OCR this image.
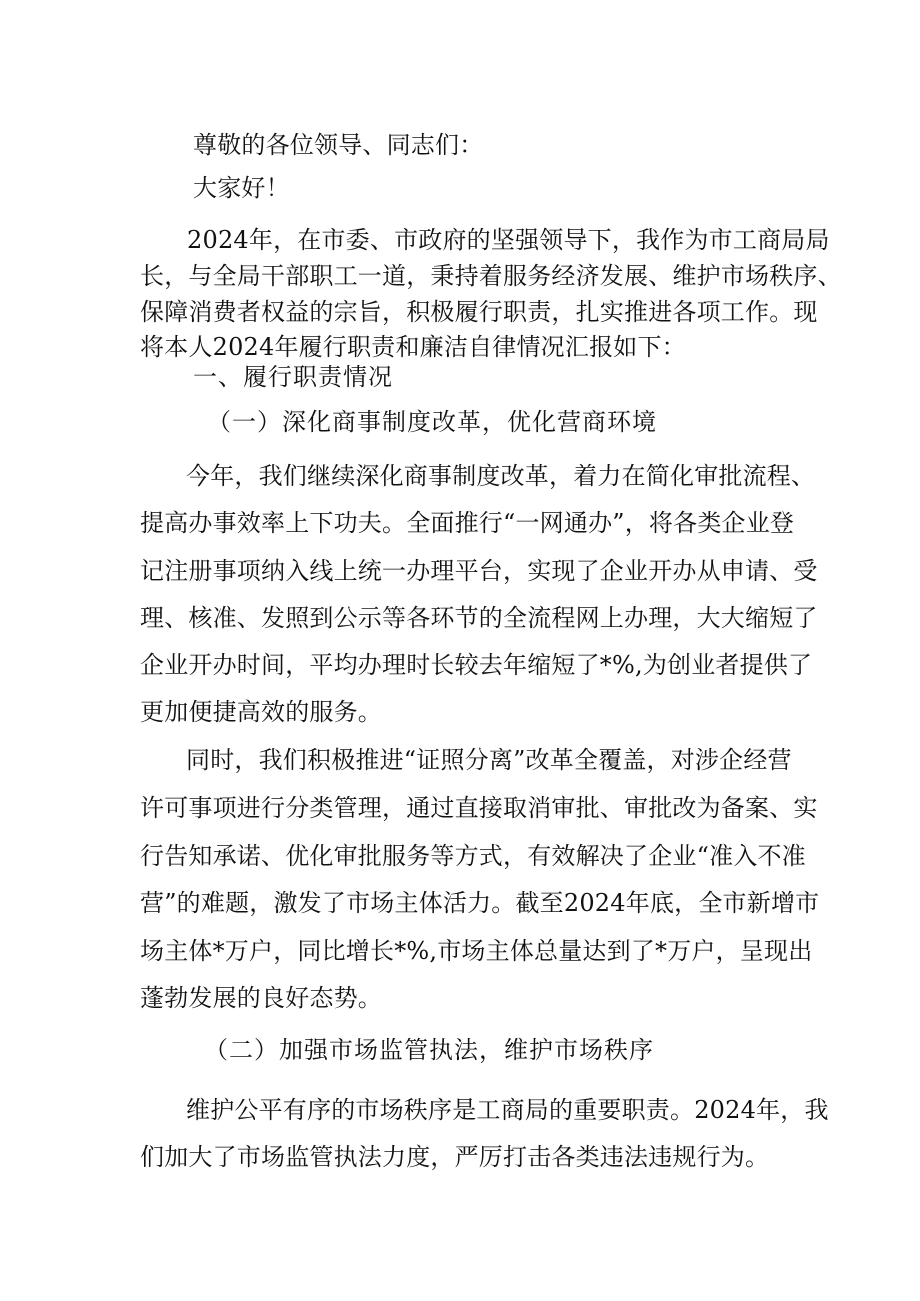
尊敬的各位领导、同志们：
大家好！
2024年，在市委、市政府的坚强领导下，我作为市工商局局
长，与全局干部职工一道，秉持着服务经济发展、维护市场秩序、
保障消费者权益的宗旨，积极履行职责，扎实推进各项工作。现
将本人2024年履行职责和廉洁自律情况汇报如下：
一、履行职责情况
（一）深化商事制度改革，优化营商环境
今年，我们继续深化商事制度改革，着力在简化审批流程、
提高办事效率上下功夫。全面推行“一网通办”，将各类企业登
记注册事项纳入线上统一办理平台，实现了企业开办从申请、受
理、核准、发照到公示等各环节的全流程网上办理，大大缩短了
企业开办时间，平均办理时长较去年缩短了*%,为创业者提供了
更加便捷高效的服务。
同时，我们积极推进“证照分离”改革全覆盖，对涉企经营
许可事项进行分类管理，通过直接取消审批、审批改为备案、实
行告知承诺、优化审批服务等方式，有效解决了企业“准入不准
营”的难题，激发了市场主体活力。截至2024年底，全市新增市
场主体*万户，同比增长*%,市场主体总量达到了*万户，呈现出
蓬勃发展的良好态势。
（二）加强市场监管执法，维护市场秩序
维护公平有序的市场秩序是工商局的重要职责。2024年，我
们加大了市场监管执法力度，严厉打击各类违法违规行为。
